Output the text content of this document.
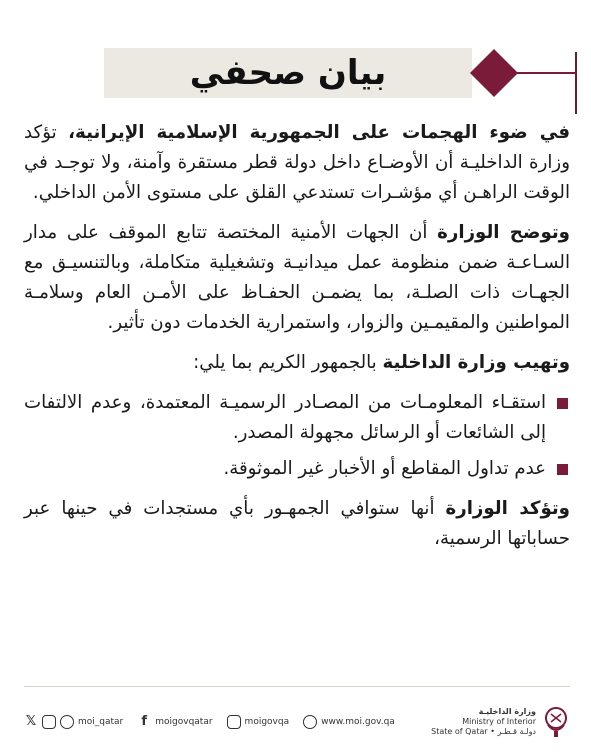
بيان صحفي

في ضوء الهجمات على الجمهورية الإسلامية الإيرانية، تؤكد وزارة الداخليـة أن الأوضـاع داخل دولة قطر مستقرة وآمنة، ولا توجـد في الوقت الراهـن أي مؤشـرات تستدعي القلق على مستوى الأمن الداخلي.

وتوضح الوزارة أن الجهات الأمنية المختصة تتابع الموقف على مدار السـاعـة ضمن منظومة عمل ميدانيـة وتشغيلية متكاملة، وبالتنسيـق مع الجهـات ذات الصلـة، بما يضمـن الحفـاظ على الأمـن العام وسلامـة المواطنين والمقيمـين والزوار، واستمرارية الخدمات دون تأثير.

وتهيب وزارة الداخلية بالجمهور الكريم بما يلي:

استقـاء المعلومـات من المصـادر الرسميـة المعتمدة، وعدم الالتفات إلى الشائعات أو الرسائل مجهولة المصدر.
عدم تداول المقاطع أو الأخبار غير الموثوقة.

وتؤكد الوزارة أنها ستوافي الجمهـور بأي مستجدات في حينها عبر حساباتها الرسمية،

𝕏	moi_qatar	f moigovqatar	moigovqa	www.moi.gov.qa
وزارة الداخليـة
Ministry of Interior
State of Qatar • دولـة قـطـر
